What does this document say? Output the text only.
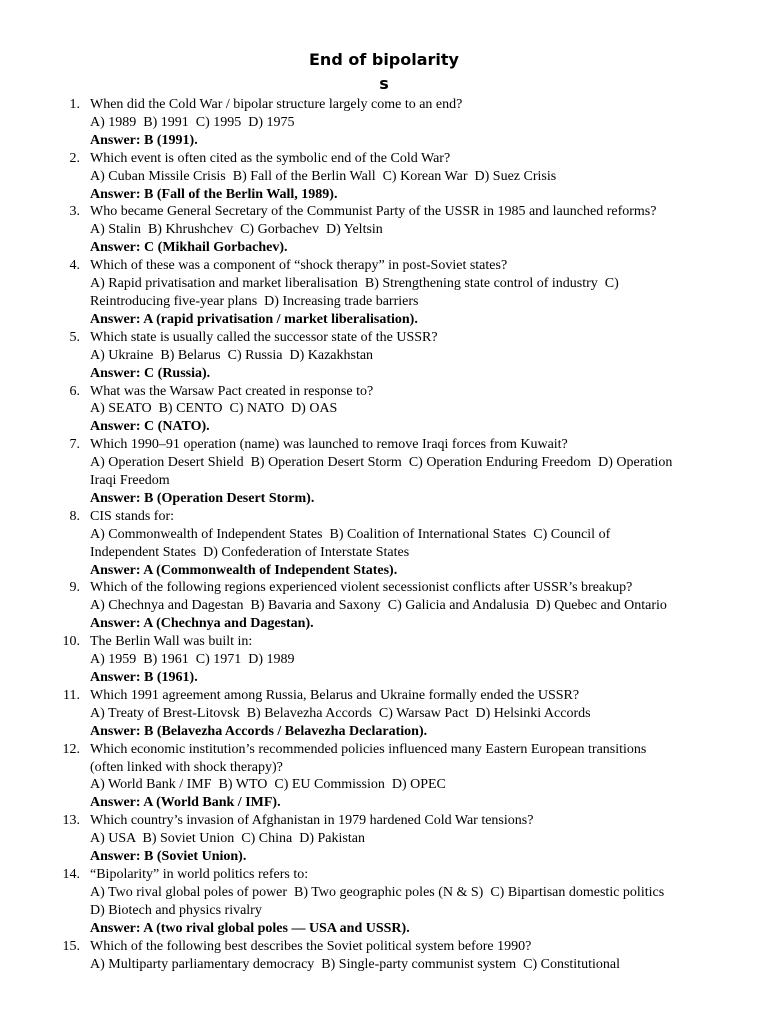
End of bipolarity
s
1. When did the Cold War / bipolar structure largely come to an end?
A) 1989  B) 1991  C) 1995  D) 1975
Answer: B (1991).
2. Which event is often cited as the symbolic end of the Cold War?
A) Cuban Missile Crisis  B) Fall of the Berlin Wall  C) Korean War  D) Suez Crisis
Answer: B (Fall of the Berlin Wall, 1989).
3. Who became General Secretary of the Communist Party of the USSR in 1985 and launched reforms?
A) Stalin  B) Khrushchev  C) Gorbachev  D) Yeltsin
Answer: C (Mikhail Gorbachev).
4. Which of these was a component of “shock therapy” in post-Soviet states?
A) Rapid privatisation and market liberalisation  B) Strengthening state control of industry  C)
Reintroducing five-year plans  D) Increasing trade barriers
Answer: A (rapid privatisation / market liberalisation).
5. Which state is usually called the successor state of the USSR?
A) Ukraine  B) Belarus  C) Russia  D) Kazakhstan
Answer: C (Russia).
6. What was the Warsaw Pact created in response to?
A) SEATO  B) CENTO  C) NATO  D) OAS
Answer: C (NATO).
7. Which 1990–91 operation (name) was launched to remove Iraqi forces from Kuwait?
A) Operation Desert Shield  B) Operation Desert Storm  C) Operation Enduring Freedom  D) Operation
Iraqi Freedom
Answer: B (Operation Desert Storm).
8. CIS stands for:
A) Commonwealth of Independent States  B) Coalition of International States  C) Council of
Independent States  D) Confederation of Interstate States
Answer: A (Commonwealth of Independent States).
9. Which of the following regions experienced violent secessionist conflicts after USSR’s breakup?
A) Chechnya and Dagestan  B) Bavaria and Saxony  C) Galicia and Andalusia  D) Quebec and Ontario
Answer: A (Chechnya and Dagestan).
10. The Berlin Wall was built in:
A) 1959  B) 1961  C) 1971  D) 1989
Answer: B (1961).
11. Which 1991 agreement among Russia, Belarus and Ukraine formally ended the USSR?
A) Treaty of Brest-Litovsk  B) Belavezha Accords  C) Warsaw Pact  D) Helsinki Accords
Answer: B (Belavezha Accords / Belavezha Declaration).
12. Which economic institution’s recommended policies influenced many Eastern European transitions
(often linked with shock therapy)?
A) World Bank / IMF  B) WTO  C) EU Commission  D) OPEC
Answer: A (World Bank / IMF).
13. Which country’s invasion of Afghanistan in 1979 hardened Cold War tensions?
A) USA  B) Soviet Union  C) China  D) Pakistan
Answer: B (Soviet Union).
14. “Bipolarity” in world politics refers to:
A) Two rival global poles of power  B) Two geographic poles (N & S)  C) Bipartisan domestic politics
D) Biotech and physics rivalry
Answer: A (two rival global poles — USA and USSR).
15. Which of the following best describes the Soviet political system before 1990?
A) Multiparty parliamentary democracy  B) Single-party communist system  C) Constitutional
